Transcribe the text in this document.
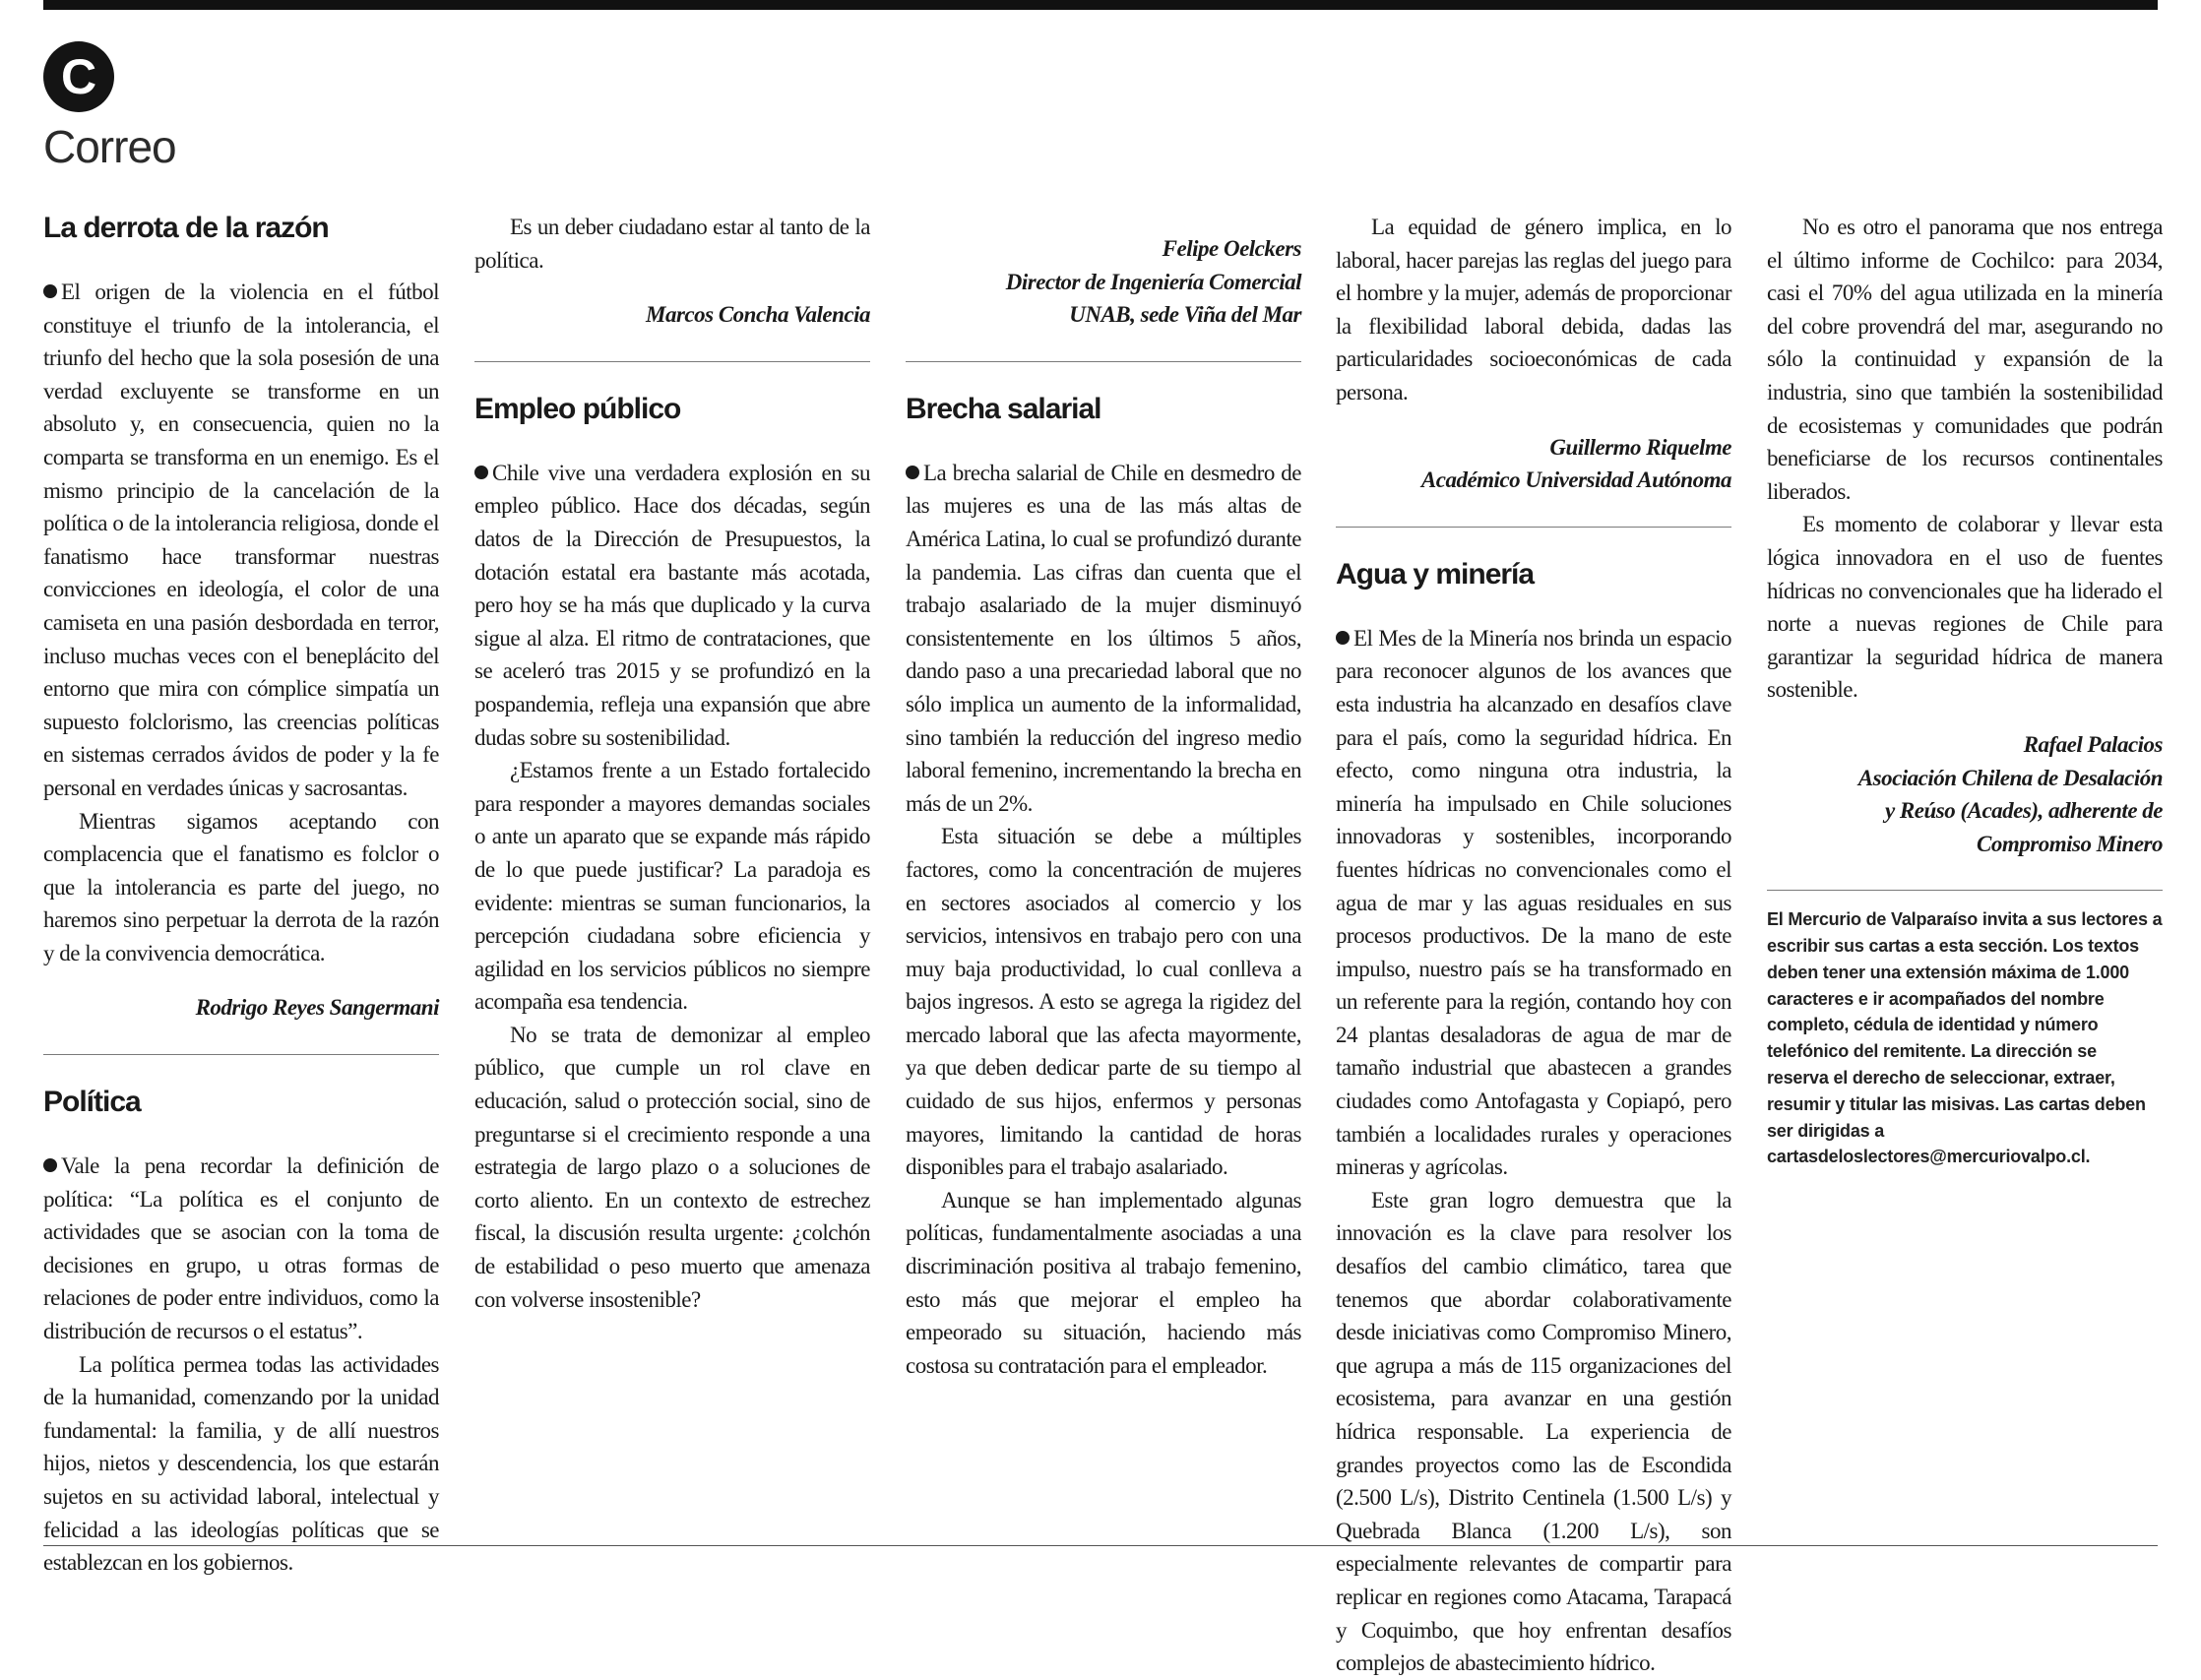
C
Correo
La derrota de la razón

El origen de la violencia en el fútbol constituye el triunfo de la intolerancia, el triunfo del hecho que la sola posesión de una verdad excluyente se transforme en un absoluto y, en consecuencia, quien no la comparta se transforma en un enemigo. Es el mismo principio de la cancelación de la política o de la intolerancia religiosa, donde el fanatismo hace transformar nuestras convicciones en ideología, el color de una camiseta en una pasión desbordada en terror, incluso muchas veces con el beneplácito del entorno que mira con cómplice simpatía un supuesto folclorismo, las creencias políticas en sistemas cerrados ávidos de poder y la fe personal en verdades únicas y sacrosantas.

Mientras sigamos aceptando con complacencia que el fanatismo es folclor o que la intolerancia es parte del juego, no haremos sino perpetuar la derrota de la razón y de la convivencia democrática.

Rodrigo Reyes Sangermani
Política

Vale la pena recordar la definición de política: “La política es el conjunto de actividades que se asocian con la toma de decisiones en grupo, u otras formas de relaciones de poder entre individuos, como la distribución de recursos o el estatus”.

La política permea todas las actividades de la humanidad, comenzando por la unidad fundamental: la familia, y de allí nuestros hijos, nietos y descendencia, los que estarán sujetos en su actividad laboral, intelectual y felicidad a las ideologías políticas que se establezcan en los gobiernos.

Es un deber ciudadano estar al tanto de la política.

Marcos Concha Valencia
Empleo público

Chile vive una verdadera explosión en su empleo público. Hace dos décadas, según datos de la Dirección de Presupuestos, la dotación estatal era bastante más acotada, pero hoy se ha más que duplicado y la curva sigue al alza. El ritmo de contrataciones, que se aceleró tras 2015 y se profundizó en la pospandemia, refleja una expansión que abre dudas sobre su sostenibilidad.

¿Estamos frente a un Estado fortalecido para responder a mayores demandas sociales o ante un aparato que se expande más rápido de lo que puede justificar? La paradoja es evidente: mientras se suman funcionarios, la percepción ciudadana sobre eficiencia y agilidad en los servicios públicos no siempre acompaña esa tendencia.

No se trata de demonizar al empleo público, que cumple un rol clave en educación, salud o protección social, sino de preguntarse si el crecimiento responde a una estrategia de largo plazo o a soluciones de corto aliento. En un contexto de estrechez fiscal, la discusión resulta urgente: ¿colchón de estabilidad o peso muerto que amenaza con volverse insostenible?

Felipe Oelckers
Director de Ingeniería Comercial
UNAB, sede Viña del Mar
Brecha salarial

La brecha salarial de Chile en desmedro de las mujeres es una de las más altas de América Latina, lo cual se profundizó durante la pandemia. Las cifras dan cuenta que el trabajo asalariado de la mujer disminuyó consistentemente en los últimos 5 años, dando paso a una precariedad laboral que no sólo implica un aumento de la informalidad, sino también la reducción del ingreso medio laboral femenino, incrementando la brecha en más de un 2%.

Esta situación se debe a múltiples factores, como la concentración de mujeres en sectores asociados al comercio y los servicios, intensivos en trabajo pero con una muy baja productividad, lo cual conlleva a bajos ingresos. A esto se agrega la rigidez del mercado laboral que las afecta mayormente, ya que deben dedicar parte de su tiempo al cuidado de sus hijos, enfermos y personas mayores, limitando la cantidad de horas disponibles para el trabajo asalariado.

Aunque se han implementado algunas políticas, fundamentalmente asociadas a una discriminación positiva al trabajo femenino, esto más que mejorar el empleo ha empeorado su situación, haciendo más costosa su contratación para el empleador.

La equidad de género implica, en lo laboral, hacer parejas las reglas del juego para el hombre y la mujer, además de proporcionar la flexibilidad laboral debida, dadas las particularidades socioeconómicas de cada persona.

Guillermo Riquelme
Académico Universidad Autónoma
Agua y minería

El Mes de la Minería nos brinda un espacio para reconocer algunos de los avances que esta industria ha alcanzado en desafíos clave para el país, como la seguridad hídrica. En efecto, como ninguna otra industria, la minería ha impulsado en Chile soluciones innovadoras y sostenibles, incorporando fuentes hídricas no convencionales como el agua de mar y las aguas residuales en sus procesos productivos. De la mano de este impulso, nuestro país se ha transformado en un referente para la región, contando hoy con 24 plantas desaladoras de agua de mar de tamaño industrial que abastecen a grandes ciudades como Antofagasta y Copiapó, pero también a localidades rurales y operaciones mineras y agrícolas.

Este gran logro demuestra que la innovación es la clave para resolver los desafíos del cambio climático, tarea que tenemos que abordar colaborativamente desde iniciativas como Compromiso Minero, que agrupa a más de 115 organizaciones del ecosistema, para avanzar en una gestión hídrica responsable. La experiencia de grandes proyectos como las de Escondida (2.500 L/s), Distrito Centinela (1.500 L/s) y Quebrada Blanca (1.200 L/s), son especialmente relevantes de compartir para replicar en regiones como Atacama, Tarapacá y Coquimbo, que hoy enfrentan desafíos complejos de abastecimiento hídrico.

No es otro el panorama que nos entrega el último informe de Cochilco: para 2034, casi el 70% del agua utilizada en la minería del cobre provendrá del mar, asegurando no sólo la continuidad y expansión de la industria, sino que también la sostenibilidad de ecosistemas y comunidades que podrán beneficiarse de los recursos continentales liberados.

Es momento de colaborar y llevar esta lógica innovadora en el uso de fuentes hídricas no convencionales que ha liderado el norte a nuevas regiones de Chile para garantizar la seguridad hídrica de manera sostenible.

Rafael Palacios
Asociación Chilena de Desalación
y Reúso (Acades), adherente de
Compromiso Minero
El Mercurio de Valparaíso invita a sus lectores a escribir sus cartas a esta sección. Los textos deben tener una extensión máxima de 1.000 caracteres e ir acompañados del nombre completo, cédula de identidad y número telefónico del remitente. La dirección se reserva el derecho de seleccionar, extraer, resumir y titular las misivas. Las cartas deben ser dirigidas a cartasdeloslectores@mercuriovalpo.cl.
